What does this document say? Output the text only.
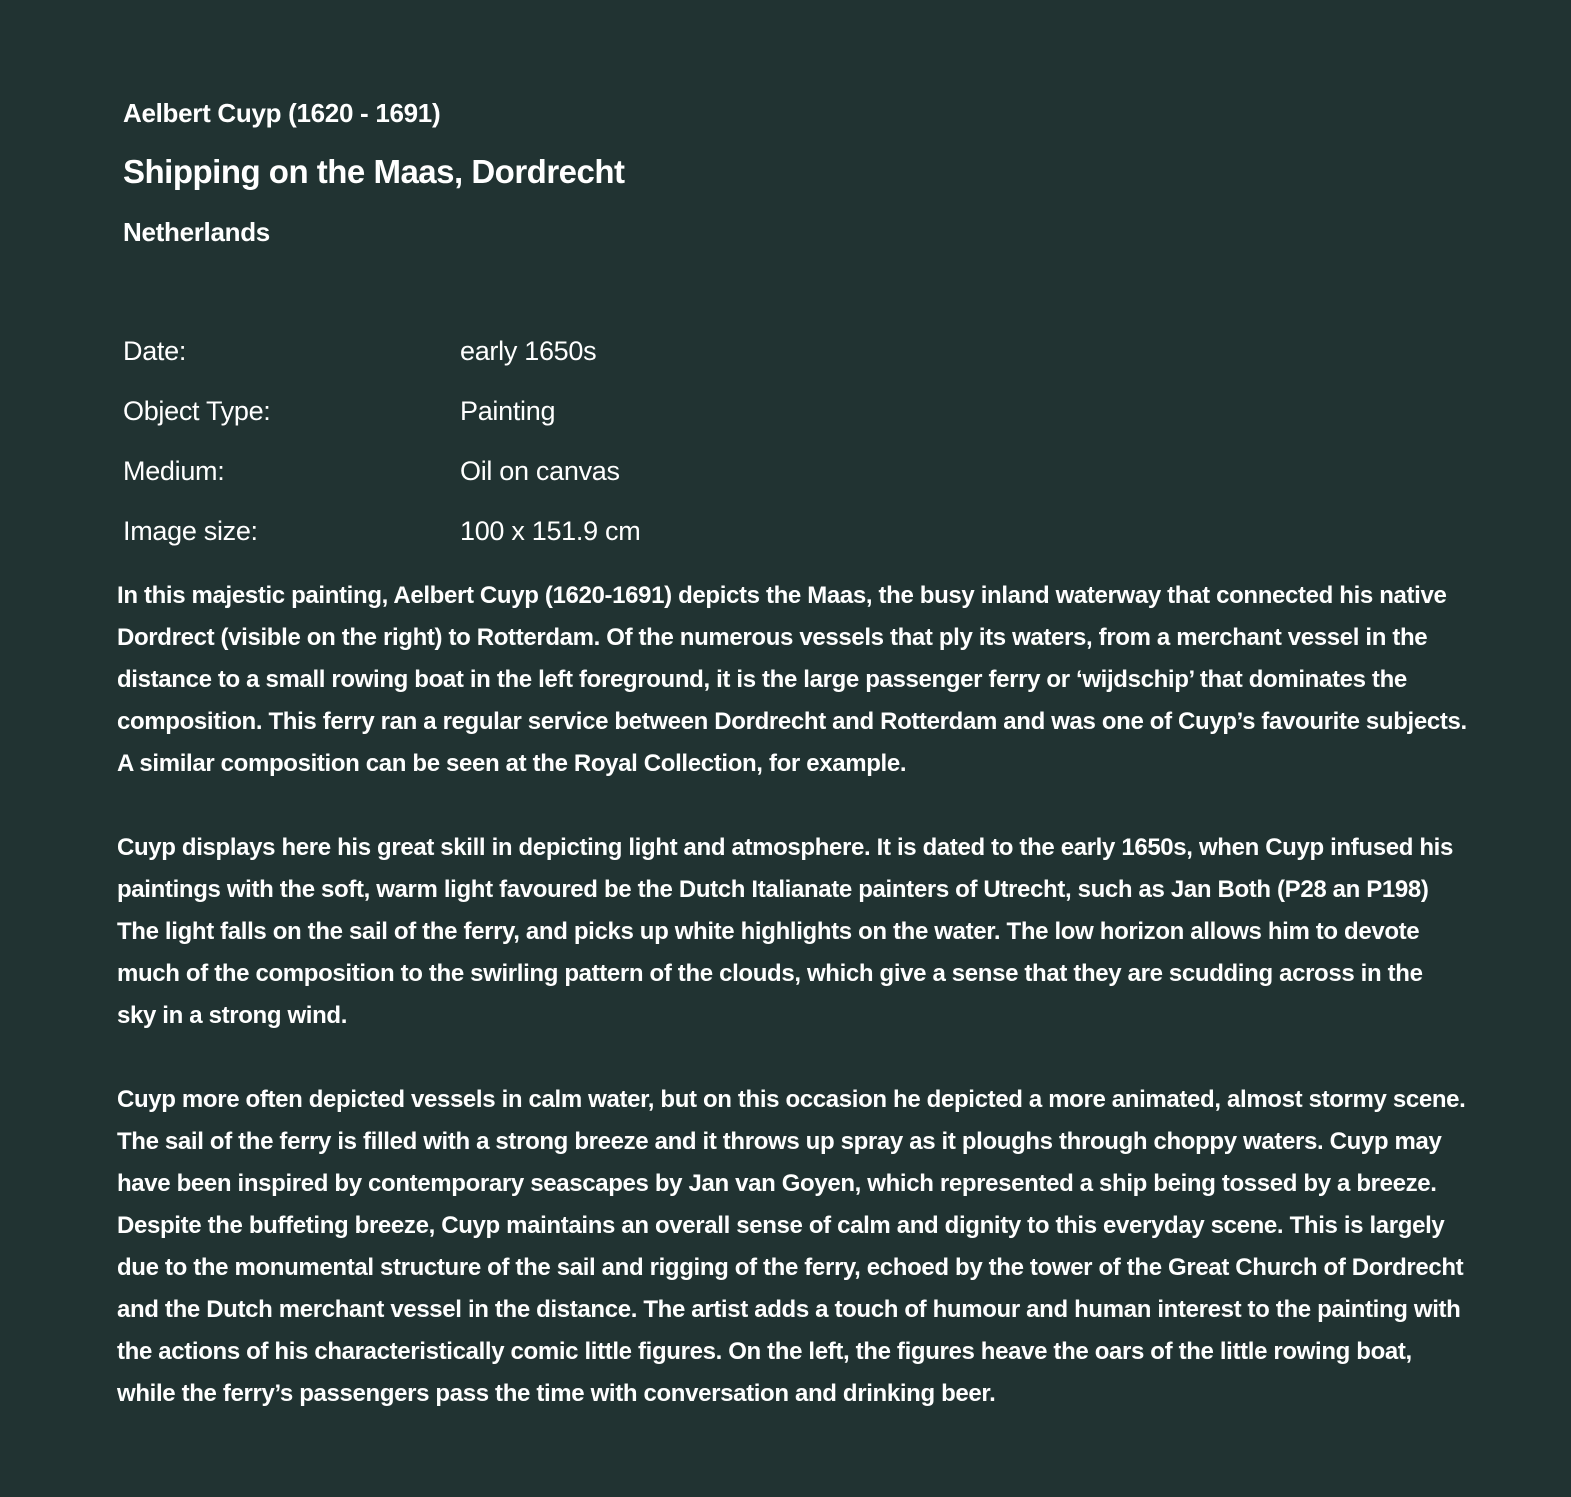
Aelbert Cuyp (1620 - 1691)
Shipping on the Maas, Dordrecht
Netherlands
Date:	early 1650s
Object Type:	Painting
Medium:	Oil on canvas
Image size:	100 x 151.9 cm

In this majestic painting, Aelbert Cuyp (1620-1691) depicts the Maas, the busy inland waterway that connected his native Dordrect (visible on the right) to Rotterdam. Of the numerous vessels that ply its waters, from a merchant vessel in the distance to a small rowing boat in the left foreground, it is the large passenger ferry or ‘wijdschip’ that dominates the composition. This ferry ran a regular service between Dordrecht and Rotterdam and was one of Cuyp’s favourite subjects. A similar composition can be seen at the Royal Collection, for example.

Cuyp displays here his great skill in depicting light and atmosphere. It is dated to the early 1650s, when Cuyp infused his paintings with the soft, warm light favoured be the Dutch Italianate painters of Utrecht, such as Jan Both (P28 an P198) The light falls on the sail of the ferry, and picks up white highlights on the water. The low horizon allows him to devote much of the composition to the swirling pattern of the clouds, which give a sense that they are scudding across in the sky in a strong wind.

Cuyp more often depicted vessels in calm water, but on this occasion he depicted a more animated, almost stormy scene. The sail of the ferry is filled with a strong breeze and it throws up spray as it ploughs through choppy waters. Cuyp may have been inspired by contemporary seascapes by Jan van Goyen, which represented a ship being tossed by a breeze. Despite the buffeting breeze, Cuyp maintains an overall sense of calm and dignity to this everyday scene. This is largely due to the monumental structure of the sail and rigging of the ferry, echoed by the tower of the Great Church of Dordrecht and the Dutch merchant vessel in the distance. The artist adds a touch of humour and human interest to the painting with the actions of his characteristically comic little figures. On the left, the figures heave the oars of the little rowing boat, while the ferry’s passengers pass the time with conversation and drinking beer.
